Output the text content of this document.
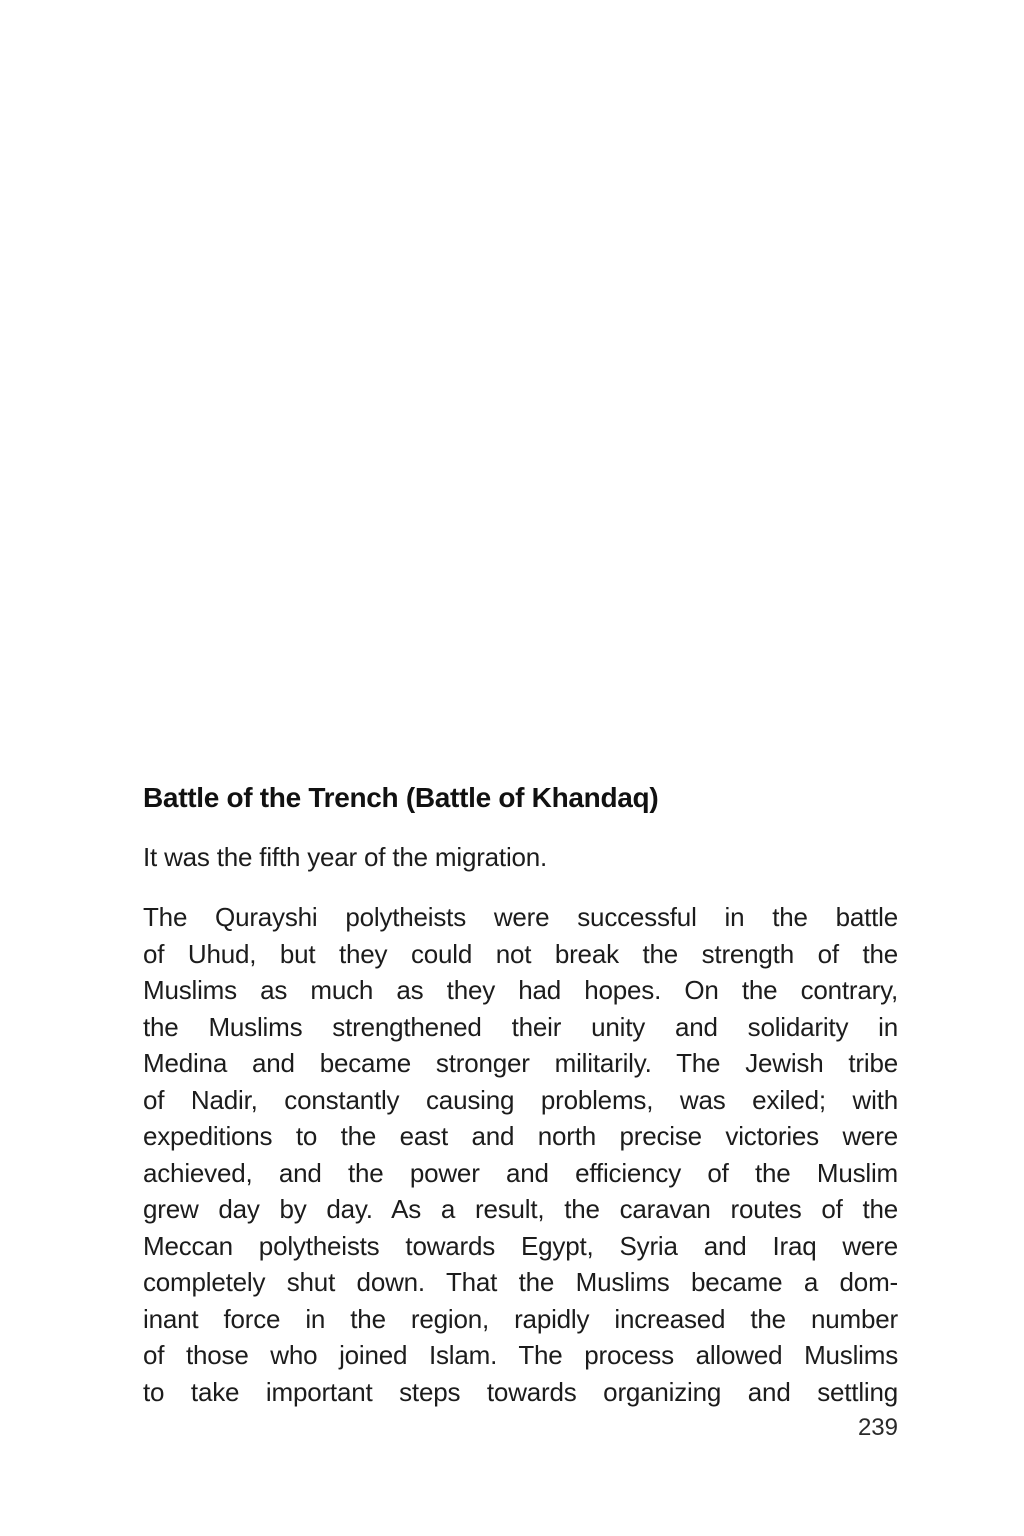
Battle of the Trench (Battle of Khandaq)

It was the fifth year of the migration.

The Qurayshi polytheists were successful in the battle
of Uhud, but they could not break the strength of the
Muslims as much as they had hopes. On the contrary,
the Muslims strengthened their unity and solidarity in
Medina and became stronger militarily. The Jewish tribe
of Nadir, constantly causing problems, was exiled; with
expeditions to the east and north precise victories were
achieved, and the power and efficiency of the Muslim
grew day by day. As a result, the caravan routes of the
Meccan polytheists towards Egypt, Syria and Iraq were
completely shut down. That the Muslims became a dom-
inant force in the region, rapidly increased the number
of those who joined Islam. The process allowed Muslims
to take important steps towards organizing and settling
239
